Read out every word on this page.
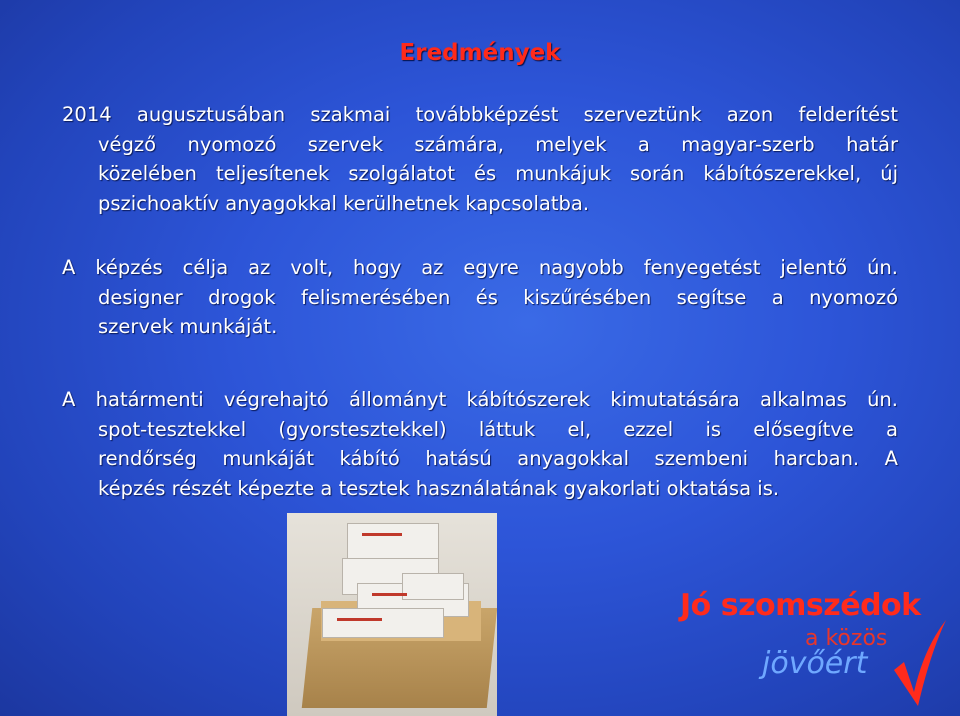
Eredmények
2014 augusztusában szakmai továbbképzést szerveztünk azon felderítést
végző nyomozó szervek számára, melyek a magyar-szerb határ
közelében teljesítenek szolgálatot és munkájuk során kábítószerekkel, új
pszichoaktív anyagokkal kerülhetnek kapcsolatba.
A képzés célja az volt, hogy az egyre nagyobb fenyegetést jelentő ún.
designer drogok felismerésében és kiszűrésében segítse a nyomozó
szervek munkáját.
A határmenti végrehajtó állományt kábítószerek kimutatására alkalmas ún.
spot-tesztekkel (gyorstesztekkel) láttuk el, ezzel is elősegítve a
rendőrség munkáját kábító hatású anyagokkal szembeni harcban. A
képzés részét képezte a tesztek használatának gyakorlati oktatása is.
Jó szomszédok
a közös
jövőért
